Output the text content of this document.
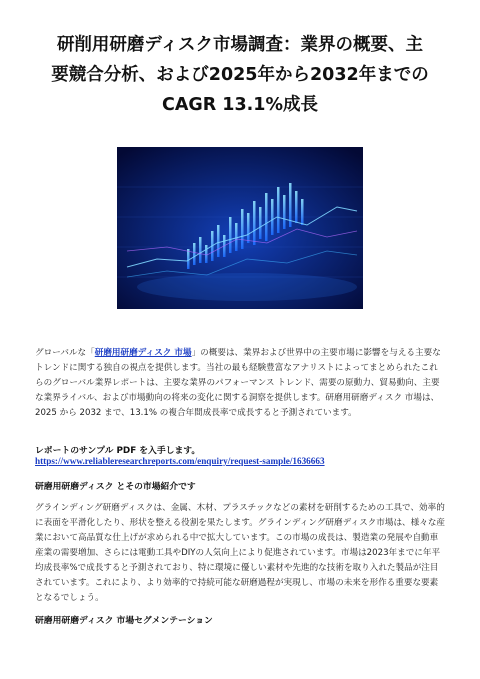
研削用研磨ディスク市場調査：業界の概要、主
要競合分析、および2025年から2032年までの
CAGR 13.1%成長

グローバルな「研磨用研磨ディスク 市場」の概要は、業界および世界中の主要市場に影響を与える主要なトレンドに関する独自の視点を提供します。当社の最も経験豊富なアナリストによってまとめられたこれらのグローバル業界レポートは、主要な業界のパフォーマンス トレンド、需要の原動力、貿易動向、主要な業界ライバル、および市場動向の将来の変化に関する洞察を提供します。研磨用研磨ディスク 市場は、2025 から 2032 まで、13.1% の複合年間成長率で成長すると予測されています。

レポートのサンプル PDF を入手します。

https://www.reliableresearchreports.com/enquiry/request-sample/1636663

研磨用研磨ディスク とその市場紹介です

グラインディング研磨ディスクは、金属、木材、プラスチックなどの素材を研削するための工具で、効率的に表面を平滑化したり、形状を整える役割を果たします。グラインディング研磨ディスク市場は、様々な産業において高品質な仕上げが求められる中で拡大しています。この市場の成長は、製造業の発展や自動車産業の需要増加、さらには電動工具やDIYの人気向上により促進されています。市場は2023年までに年平均成長率%で成長すると予測されており、特に環境に優しい素材や先進的な技術を取り入れた製品が注目されています。これにより、より効率的で持続可能な研磨過程が実現し、市場の未来を形作る重要な要素となるでしょう。

研磨用研磨ディスク 市場セグメンテーション
